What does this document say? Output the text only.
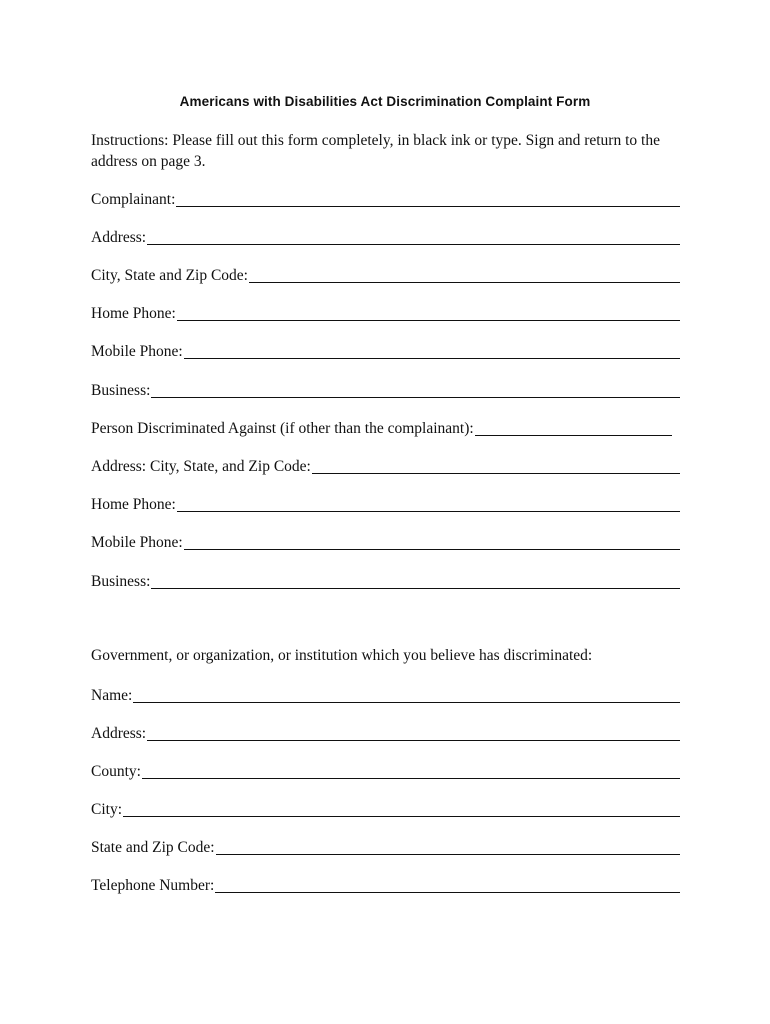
Americans with Disabilities Act Discrimination Complaint Form
Instructions: Please fill out this form completely, in black ink or type. Sign and return to the address on page 3.
Complainant:
Address:
City, State and Zip Code:
Home Phone:
Mobile Phone:
Business:
Person Discriminated Against (if other than the complainant):
Address: City, State, and Zip Code:
Home Phone:
Mobile Phone:
Business:
Government, or organization, or institution which you believe has discriminated:
Name:
Address:
County:
City:
State and Zip Code:
Telephone Number:
